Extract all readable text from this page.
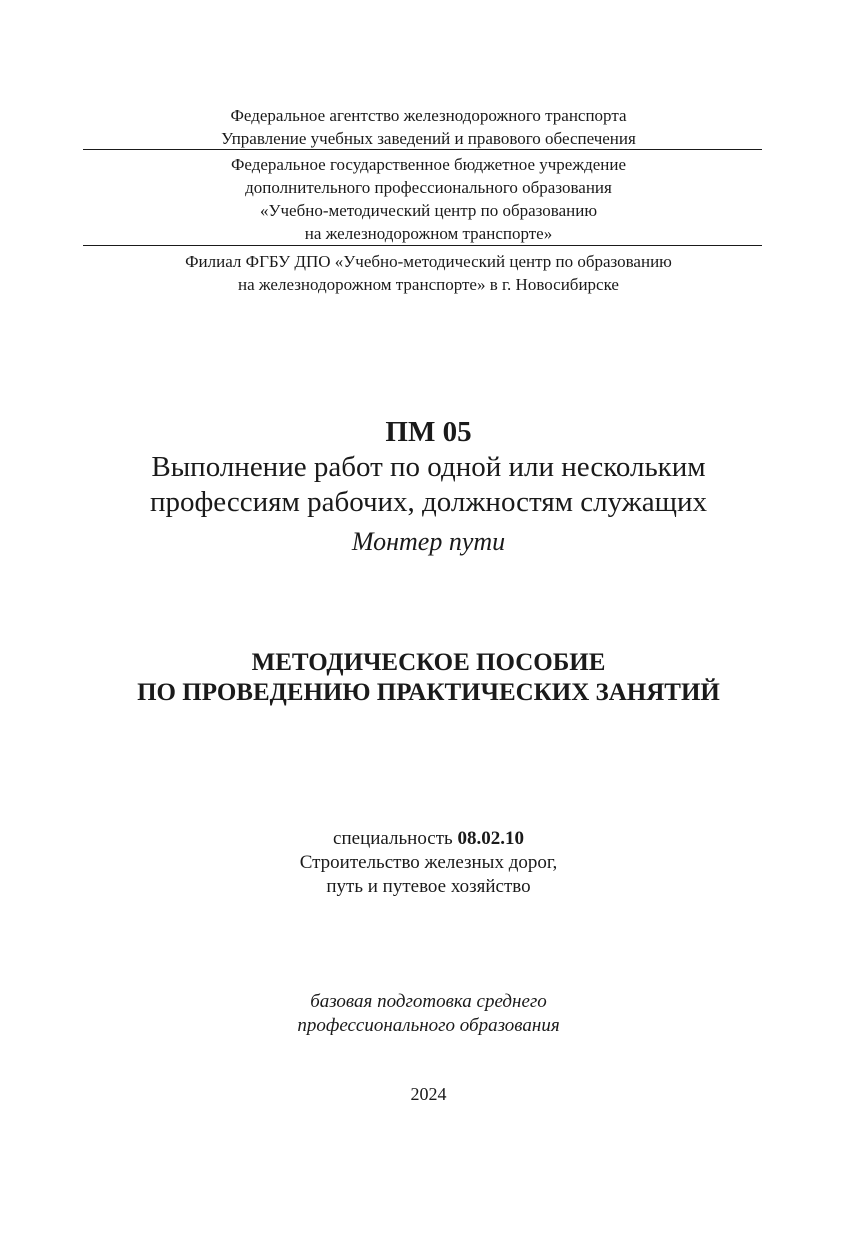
Федеральное агентство железнодорожного транспорта
Управление учебных заведений и правового обеспечения
Федеральное государственное бюджетное учреждение
дополнительного профессионального образования
«Учебно-методический центр по образованию
на железнодорожном транспорте»
Филиал ФГБУ ДПО «Учебно-методический центр по образованию
на железнодорожном транспорте» в г. Новосибирске
ПМ 05
Выполнение работ по одной или нескольким
профессиям рабочих, должностям служащих
Монтер пути
МЕТОДИЧЕСКОЕ ПОСОБИЕ
ПО ПРОВЕДЕНИЮ ПРАКТИЧЕСКИХ ЗАНЯТИЙ
специальность 08.02.10
Строительство железных дорог,
путь и путевое хозяйство
базовая подготовка среднего
профессионального образования
2024
